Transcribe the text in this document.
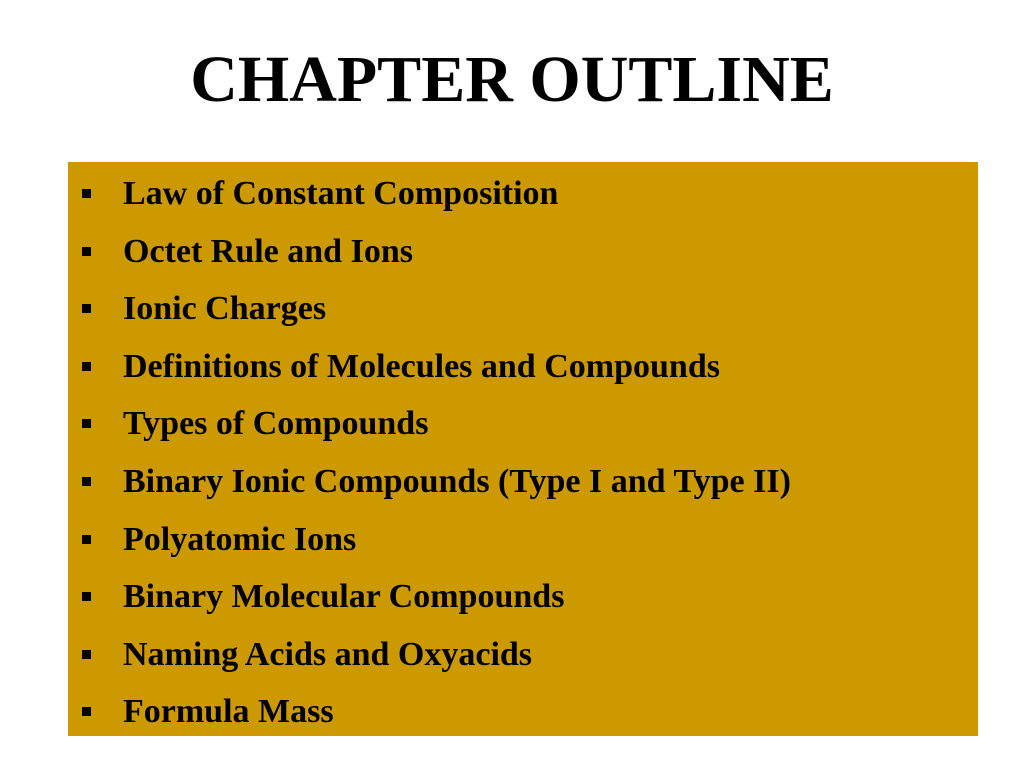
CHAPTER OUTLINE
Law of Constant Composition
Octet Rule and Ions
Ionic Charges
Definitions of Molecules and Compounds
Types of Compounds
Binary Ionic Compounds (Type I and Type II)
Polyatomic Ions
Binary Molecular Compounds
Naming Acids and Oxyacids
Formula Mass
